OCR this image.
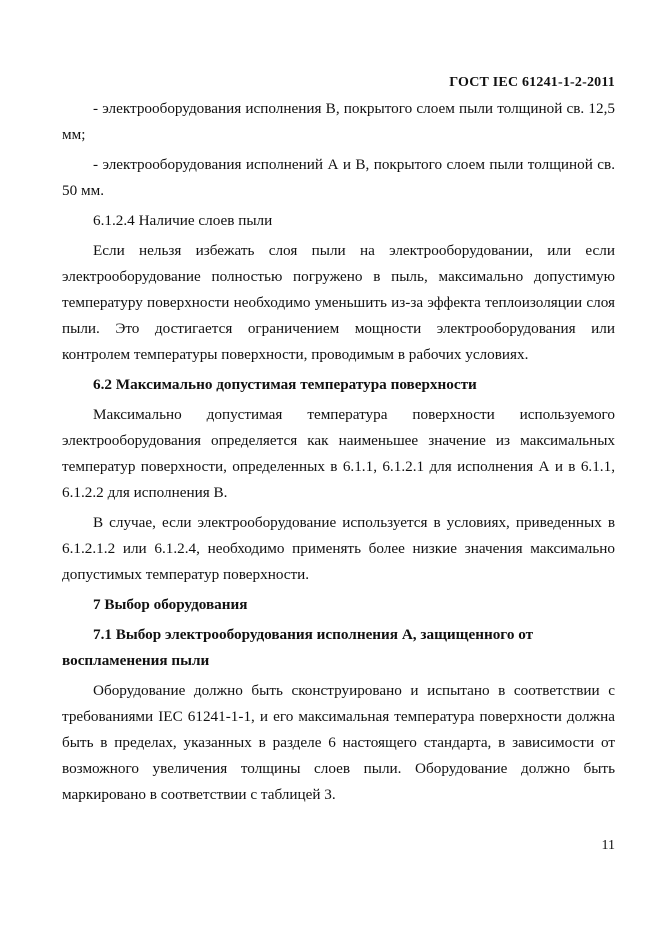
ГОСТ IEC 61241-1-2-2011

- электрооборудования исполнения В, покрытого слоем пыли толщиной св. 12,5 мм;

- электрооборудования исполнений А и В, покрытого слоем пыли толщиной св. 50 мм.

6.1.2.4 Наличие слоев пыли

Если нельзя избежать слоя пыли на электрооборудовании, или если электрооборудование полностью погружено в пыль, максимально допустимую температуру поверхности необходимо уменьшить из-за эффекта теплоизоляции слоя пыли. Это достигается ограничением мощности электрооборудования или контролем температуры поверхности, проводимым в рабочих условиях.

6.2 Максимально допустимая температура поверхности

Максимально допустимая температура поверхности используемого электрооборудования определяется как наименьшее значение из максимальных температур поверхности, определенных в 6.1.1, 6.1.2.1 для исполнения А и в 6.1.1, 6.1.2.2 для исполнения В.

В случае, если электрооборудование используется в условиях, приведенных в 6.1.2.1.2 или 6.1.2.4, необходимо применять более низкие значения максимально допустимых температур поверхности.

7 Выбор оборудования

7.1 Выбор электрооборудования исполнения А, защищенного от воспламенения пыли

Оборудование должно быть сконструировано и испытано в соответствии с требованиями IEC 61241-1-1, и его максимальная температура поверхности должна быть в пределах, указанных в разделе 6 настоящего стандарта, в зависимости от возможного увеличения толщины слоев пыли. Оборудование должно быть маркировано в соответствии с таблицей 3.

11
